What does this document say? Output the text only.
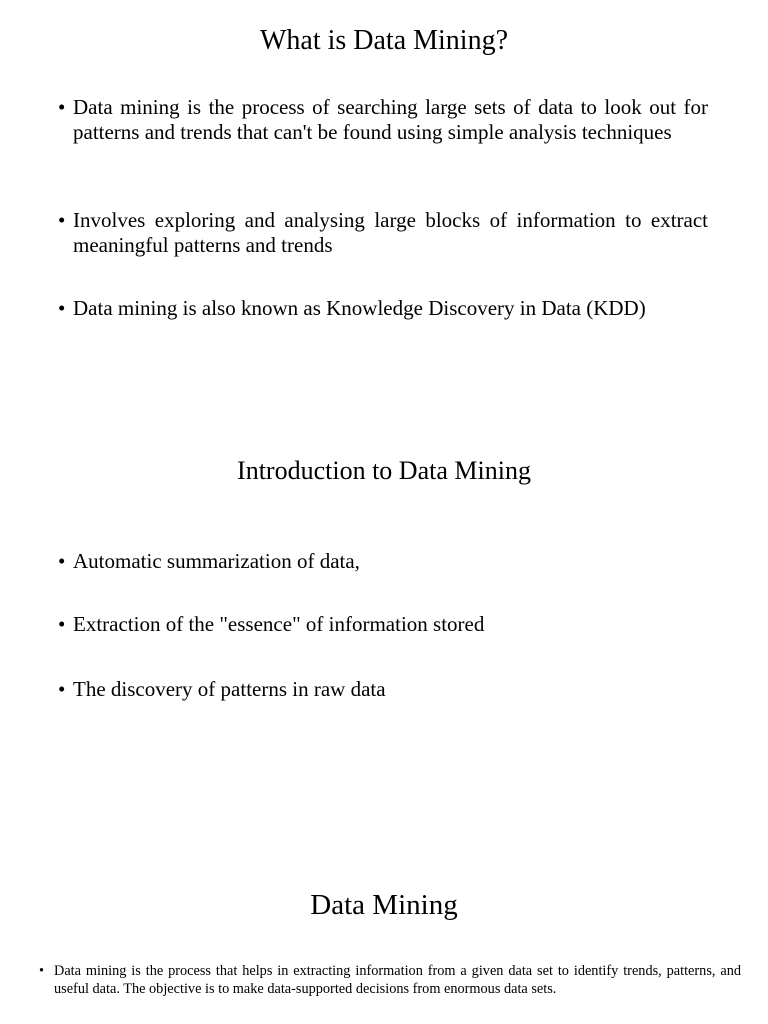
What is Data Mining?
• Data mining is the process of searching large sets of data to look out for patterns and trends that can't be found using simple analysis techniques

• Involves exploring and analysing large blocks of information to extract meaningful patterns and trends

• Data mining is also known as Knowledge Discovery in Data (KDD)

Introduction to Data Mining
• Automatic summarization of data,

• Extraction of the "essence" of information stored

• The discovery of patterns in raw data

Data Mining
• Data mining is the process that helps in extracting information from a given data set to identify trends, patterns, and useful data. The objective is to make data-supported decisions from enormous data sets.
